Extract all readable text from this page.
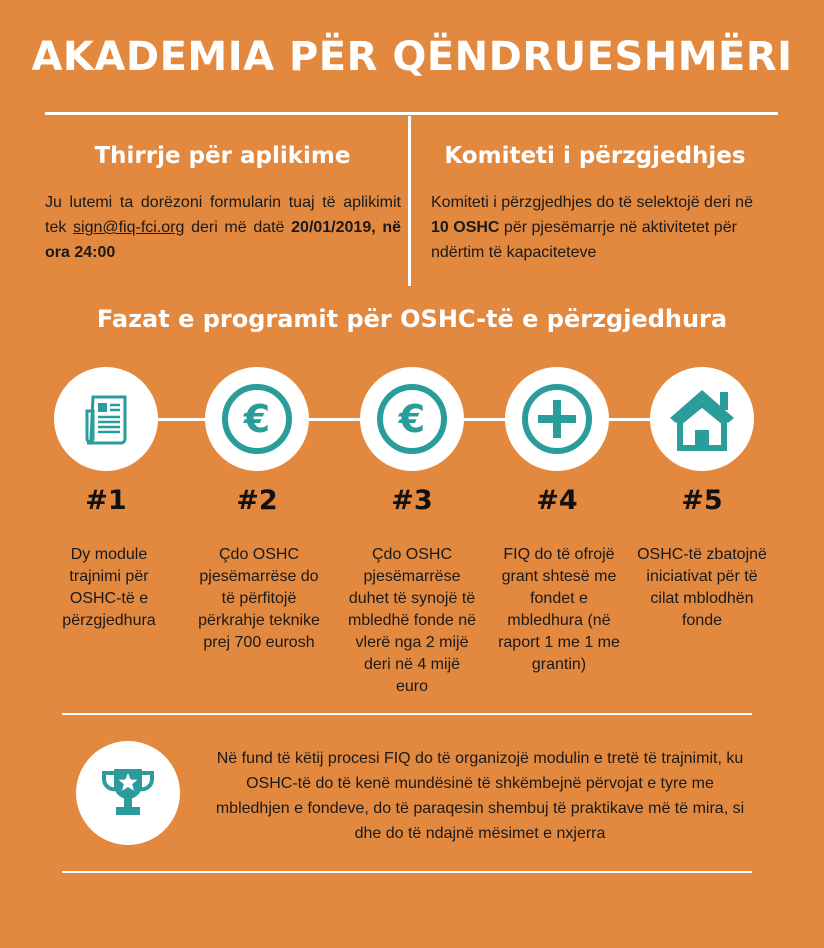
AKADEMIA PËR QËNDRUESHMËRI
Thirrje për aplikime
Ju lutemi ta dorëzoni formularin tuaj të aplikimit tek sign@fiq-fci.org deri më datë 20/01/2019, në ora 24:00
Komiteti i përzgjedhjes
Komiteti i përzgjedhjes do të selektojë deri në 10 OSHC për pjesëmarrje në aktivitetet për ndërtim të kapaciteteve
Fazat e programit për OSHC-të e përzgjedhura
#1
Dy module trajnimi për OSHC-të e përzgjedhura
€
#2
Çdo OSHC pjesëmarrëse do të përfitojë përkrahje teknike prej 700 eurosh
€
#3
Çdo OSHC pjesëmarrëse duhet të synojë të mbledhë fonde në vlerë nga 2 mijë deri në 4 mijë euro
#4
FIQ do të ofrojë grant shtesë me fondet e mbledhura (në raport 1 me 1 me grantin)
#5
OSHC-të zbatojnë iniciativat për të cilat mblodhën fonde
Në fund të këtij procesi FIQ do të organizojë modulin e tretë të trajnimit, ku OSHC-të do të kenë mundësinë të shkëmbejnë përvojat e tyre me mbledhjen e fondeve, do të paraqesin shembuj të praktikave më të mira, si dhe do të ndajnë mësimet e nxjerra
